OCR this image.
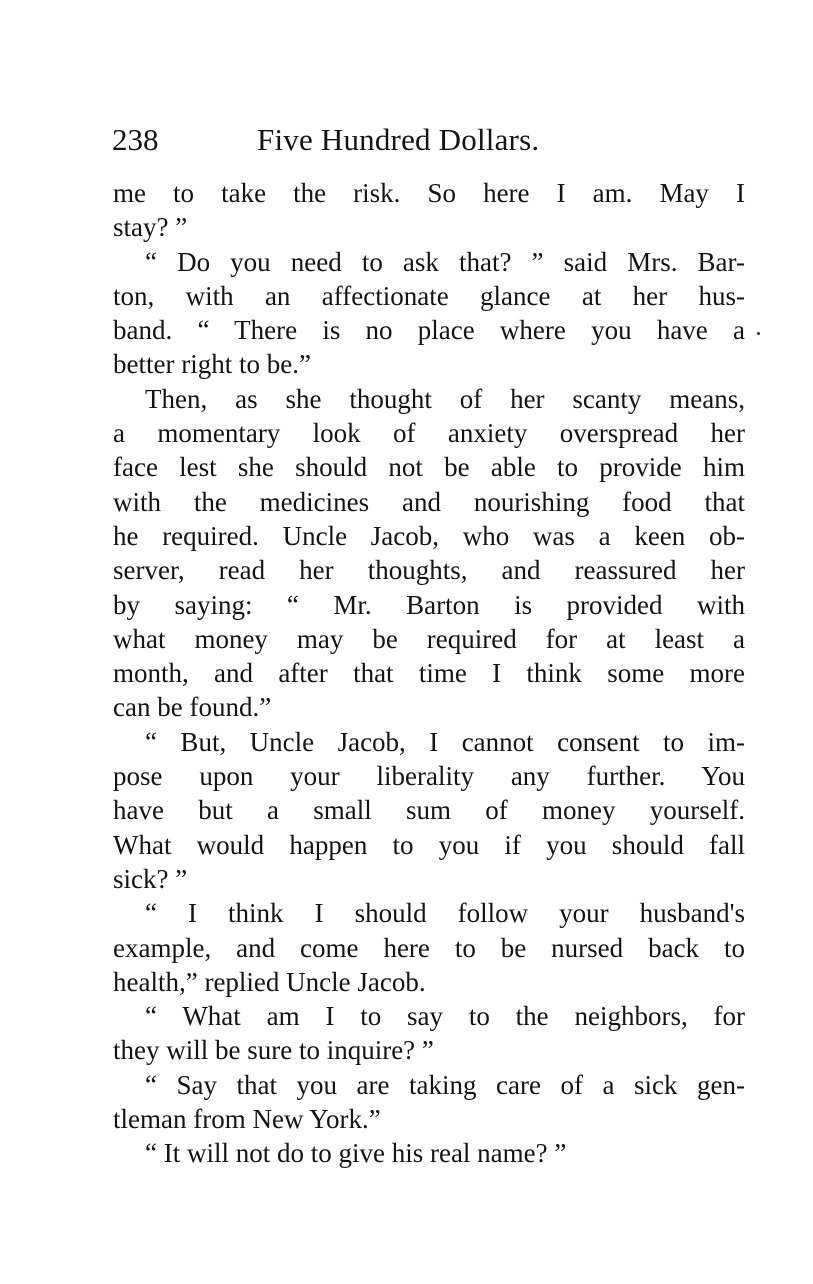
238	Five Hundred Dollars.
me to take the risk. So here I am. May I
stay? ”
“ Do you need to ask that? ” said Mrs. Bar-
ton, with an affectionate glance at her hus-
band. “ There is no place where you have a
better right to be.”
Then, as she thought of her scanty means,
a momentary look of anxiety overspread her
face lest she should not be able to provide him
with the medicines and nourishing food that
he required. Uncle Jacob, who was a keen ob-
server, read her thoughts, and reassured her
by saying: “ Mr. Barton is provided with
what money may be required for at least a
month, and after that time I think some more
can be found.”
“ But, Uncle Jacob, I cannot consent to im-
pose upon your liberality any further. You
have but a small sum of money yourself.
What would happen to you if you should fall
sick? ”
“ I think I should follow your husband's
example, and come here to be nursed back to
health,” replied Uncle Jacob.
“ What am I to say to the neighbors, for
they will be sure to inquire? ”
“ Say that you are taking care of a sick gen-
tleman from New York.”
“ It will not do to give his real name? ”
